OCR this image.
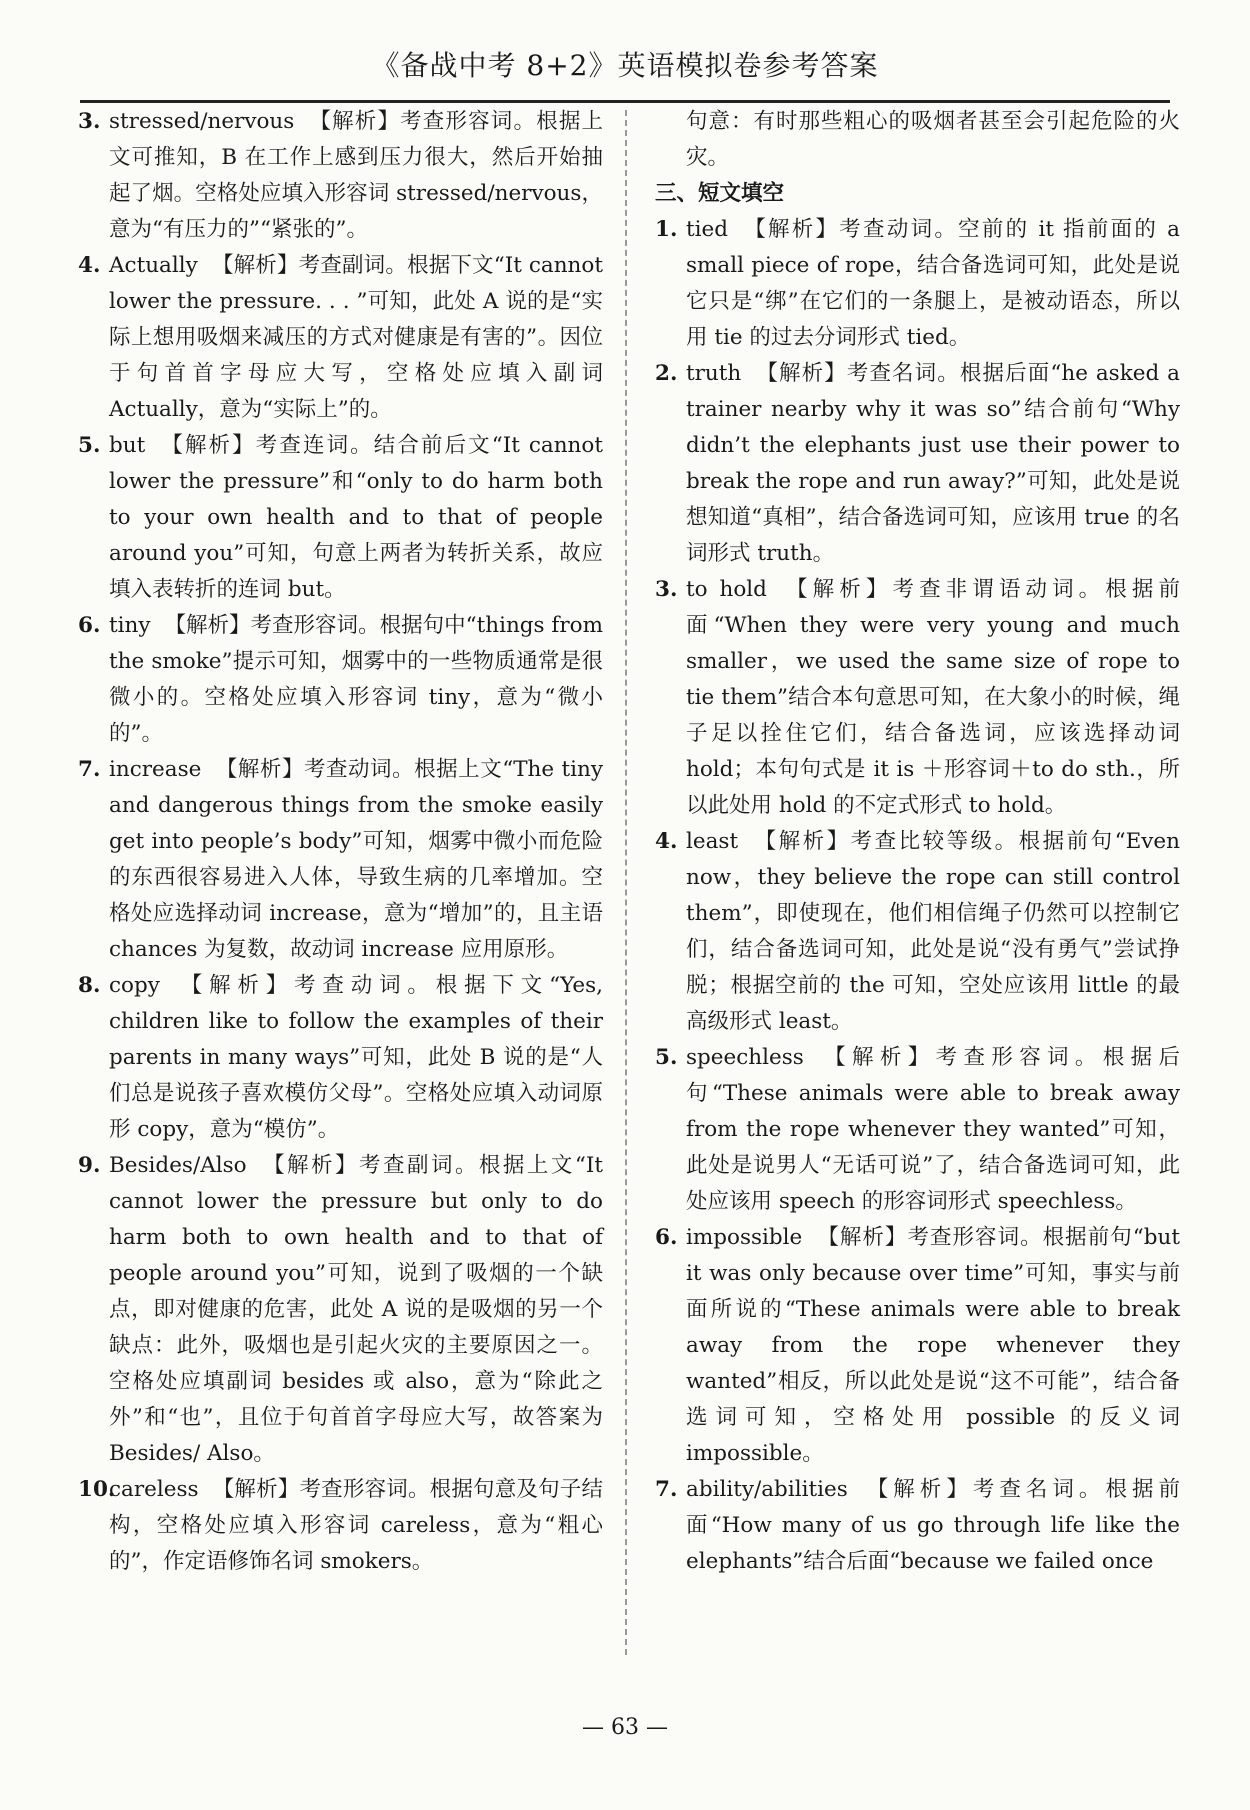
《备战中考 8+2》英语模拟卷参考答案

3. stressed/nervous 【解析】考查形容词。根据上文可推知，B 在工作上感到压力很大，然后开始抽起了烟。空格处应填入形容词 stressed/nervous，意为“有压力的”“紧张的”。

4. Actually 【解析】考查副词。根据下文“It cannot lower the pressure. . . ”可知，此处 A 说的是“实际上想用吸烟来减压的方式对健康是有害的”。因位于句首首字母应大写，空格处应填入副词 Actually，意为“实际上”的。

5. but 【解析】考查连词。结合前后文“It cannot lower the pressure”和“only to do harm both to your own health and to that of people around you”可知，句意上两者为转折关系，故应填入表转折的连词 but。

6. tiny 【解析】考查形容词。根据句中“things from the smoke”提示可知，烟雾中的一些物质通常是很微小的。空格处应填入形容词 tiny，意为“微小的”。

7. increase 【解析】考查动词。根据上文“The tiny and dangerous things from the smoke easily get into people’s body”可知，烟雾中微小而危险的东西很容易进入人体，导致生病的几率增加。空格处应选择动词 increase，意为“增加”的，且主语 chances 为复数，故动词 increase 应用原形。

8. copy 【解析】考查动词。根据下文“Yes, children like to follow the examples of their parents in many ways”可知，此处 B 说的是“人们总是说孩子喜欢模仿父母”。空格处应填入动词原形 copy，意为“模仿”。

9. Besides/Also 【解析】考查副词。根据上文“It cannot lower the pressure but only to do harm both to own health and to that of people around you”可知，说到了吸烟的一个缺点，即对健康的危害，此处 A 说的是吸烟的另一个缺点：此外，吸烟也是引起火灾的主要原因之一。空格处应填副词 besides 或 also，意为“除此之外”和“也”，且位于句首首字母应大写，故答案为 Besides/ Also。

10.
careless 【解析】考查形容词。根据句意及句子结构，空格处应填入形容词 careless，意为“粗心的”，作定语修饰名词 smokers。

句意：有时那些粗心的吸烟者甚至会引起危险的火灾。

三、短文填空

1. tied 【解析】考查动词。空前的 it 指前面的 a small piece of rope，结合备选词可知，此处是说它只是“绑”在它们的一条腿上，是被动语态，所以用 tie 的过去分词形式 tied。

2. truth 【解析】考查名词。根据后面“he asked a trainer nearby why it was so”结合前句“Why didn’t the elephants just use their power to break the rope and run away?”可知，此处是说想知道“真相”，结合备选词可知，应该用 true 的名词形式 truth。

3. to hold 【解析】考查非谓语动词。根据前面“When they were very young and much smaller，we used the same size of rope to tie them”结合本句意思可知，在大象小的时候，绳子足以拴住它们，结合备选词，应该选择动词 hold；本句句式是 it is ＋形容词＋to do sth.，所以此处用 hold 的不定式形式 to hold。

4. least 【解析】考查比较等级。根据前句“Even now，they believe the rope can still control them”，即使现在，他们相信绳子仍然可以控制它们，结合备选词可知，此处是说“没有勇气”尝试挣脱；根据空前的 the 可知，空处应该用 little 的最高级形式 least。

5. speechless 【解析】考查形容词。根据后句“These animals were able to break away from the rope whenever they wanted”可知，此处是说男人“无话可说”了，结合备选词可知，此处应该用 speech 的形容词形式 speechless。

6. impossible 【解析】考查形容词。根据前句“but it was only because over time”可知，事实与前面所说的“These animals were able to break away from the rope whenever they wanted”相反，所以此处是说“这不可能”，结合备选词可知，空格处用 possible 的反义词 impossible。

7. ability/abilities 【解析】考查名词。根据前面“How many of us go through life like the elephants”结合后面“because we failed once

— 63 —
